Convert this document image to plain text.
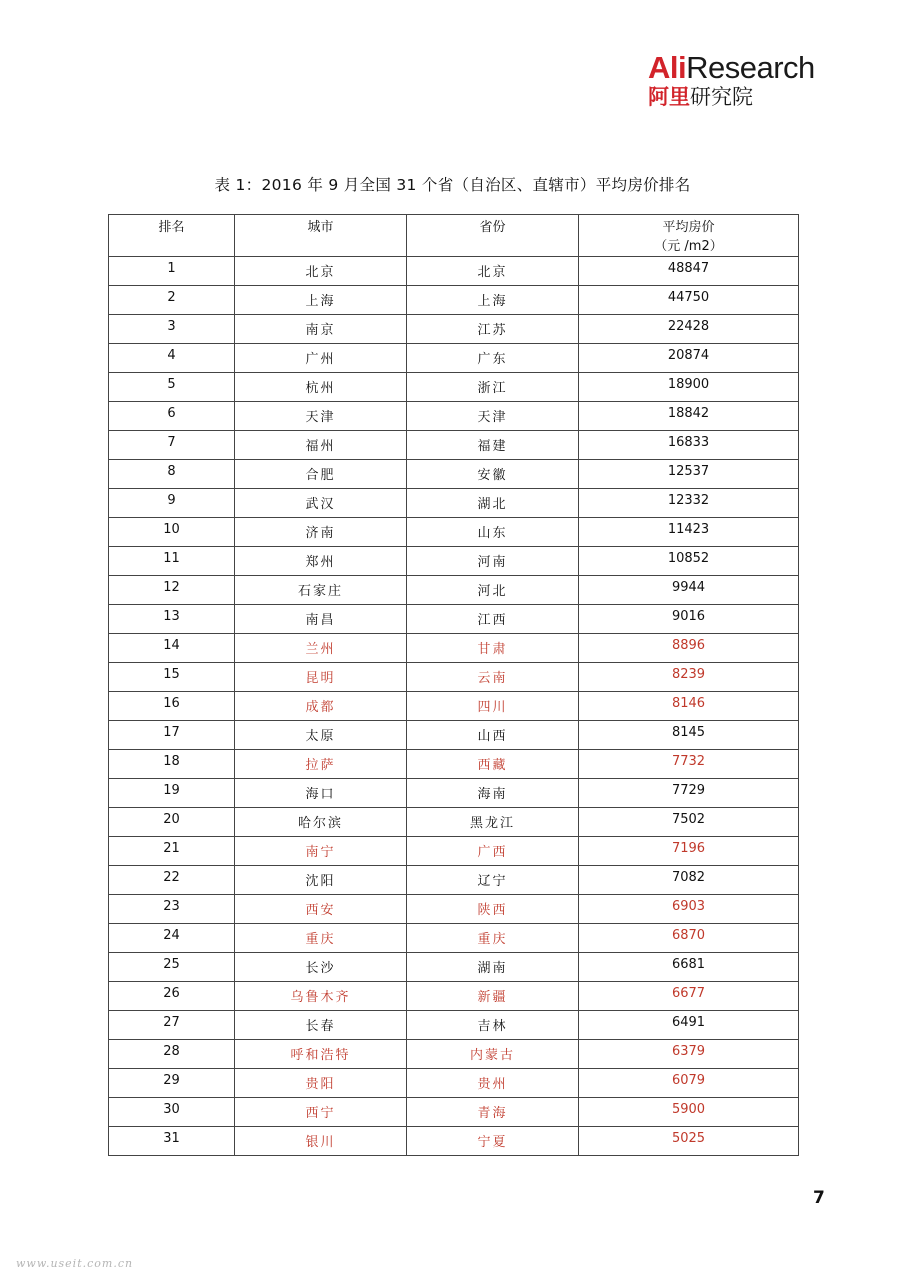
AliResearch
阿里研究院
表 1：2016 年 9 月全国 31 个省（自治区、直辖市）平均房价排名
排名	城市	省份	平均房价
（元 /m2）
1	北京	北京	48847
2	上海	上海	44750
3	南京	江苏	22428
4	广州	广东	20874
5	杭州	浙江	18900
6	天津	天津	18842
7	福州	福建	16833
8	合肥	安徽	12537
9	武汉	湖北	12332
10	济南	山东	11423
11	郑州	河南	10852
12	石家庄	河北	9944
13	南昌	江西	9016
14	兰州	甘肃	8896
15	昆明	云南	8239
16	成都	四川	8146
17	太原	山西	8145
18	拉萨	西藏	7732
19	海口	海南	7729
20	哈尔滨	黑龙江	7502
21	南宁	广西	7196
22	沈阳	辽宁	7082
23	西安	陕西	6903
24	重庆	重庆	6870
25	长沙	湖南	6681
26	乌鲁木齐	新疆	6677
27	长春	吉林	6491
28	呼和浩特	内蒙古	6379
29	贵阳	贵州	6079
30	西宁	青海	5900
31	银川	宁夏	5025
7
www.useit.com.cn
